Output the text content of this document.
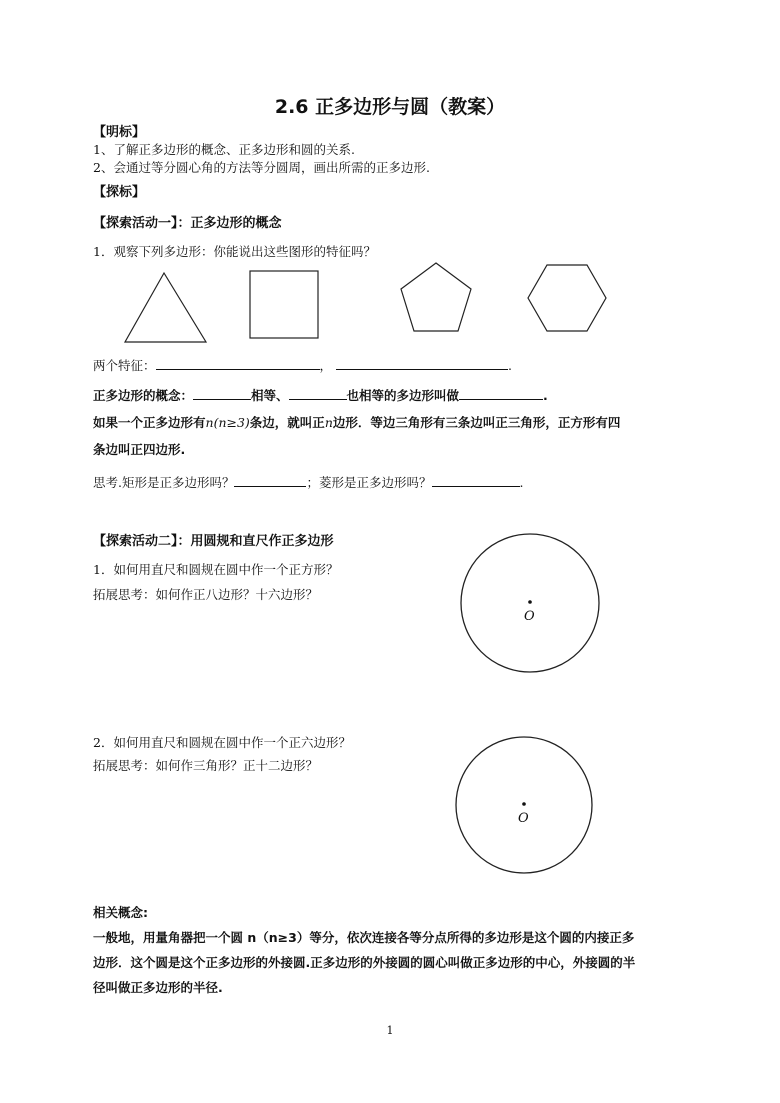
2.6 正多边形与圆（教案）
【明标】
1、了解正多边形的概念、正多边形和圆的关系.
2、会通过等分圆心角的方法等分圆周，画出所需的正多边形.
【探标】
【探索活动一】：正多边形的概念
1．观察下列多边形：你能说出这些图形的特征吗？
两个特征：	，	.
正多边形的概念：	相等、	也相等的多边形叫做	.
如果一个正多边形有n(n≥3)条边，就叫正n边形．等边三角形有三条边叫正三角形，正方形有四
条边叫正四边形.
思考.矩形是正多边形吗？	；菱形是正多边形吗？	.
【探索活动二】：用圆规和直尺作正多边形
1．如何用直尺和圆规在圆中作一个正方形？
拓展思考：如何作正八边形？十六边形？
O
2．如何用直尺和圆规在圆中作一个正六边形？
拓展思考：如何作三角形？正十二边形？
O
相关概念:
一般地，用量角器把一个圆 n（n≥3）等分，依次连接各等分点所得的多边形是这个圆的内接正多
边形．这个圆是这个正多边形的外接圆.正多边形的外接圆的圆心叫做正多边形的中心，外接圆的半
径叫做正多边形的半径.
1
